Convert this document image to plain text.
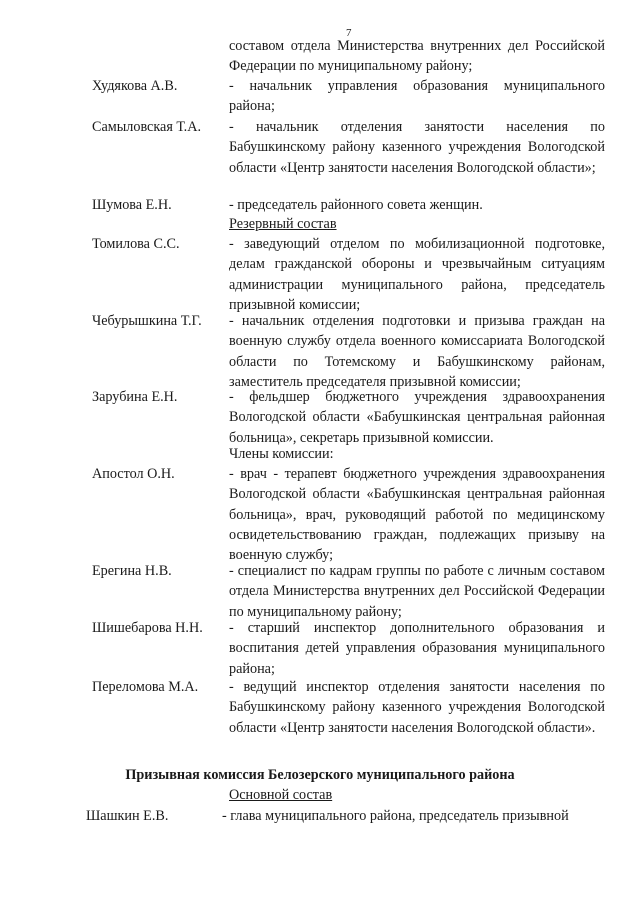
7
составом отдела Министерства внутренних дел Российской Федерации по муниципальному району;
Худякова А.В.	- начальник управления образования муниципального района;
Самыловская Т.А. - начальник отделения занятости населения по Бабушкинскому району казенного учреждения Вологодской области «Центр занятости населения Вологодской области»;
Шумова Е.Н.	- председатель районного совета женщин.
Резервный состав
Томилова С.С.	- заведующий отделом по мобилизационной подготовке, делам гражданской обороны и чрезвычайным ситуациям администрации муниципального района, председатель призывной комиссии;
Чебурышкина Т.Г. - начальник отделения подготовки и призыва граждан на военную службу отдела военного комиссариата Вологодской области по Тотемскому и Бабушкинскому районам, заместитель председателя призывной комиссии;
Зарубина Е.Н.	- фельдшер бюджетного учреждения здравоохранения Вологодской области «Бабушкинская центральная районная больница», секретарь призывной комиссии.
Члены комиссии:
Апостол О.Н.	- врач - терапевт бюджетного учреждения здравоохранения Вологодской области «Бабушкинская центральная районная больница», врач, руководящий работой по медицинскому освидетельствованию граждан, подлежащих призыву на военную службу;
Ерегина Н.В.	- специалист по кадрам группы по работе с личным составом отдела Министерства внутренних дел Российской Федерации по муниципальному району;
Шишебарова Н.Н. - старший инспектор дополнительного образования и воспитания детей управления образования муниципального района;
Переломова М.А. - ведущий инспектор отделения занятости населения по Бабушкинскому району казенного учреждения Вологодской области «Центр занятости населения Вологодской области».
Призывная комиссия Белозерского муниципального района
Основной состав
Шашкин Е.В.	- глава муниципального района, председатель призывной
